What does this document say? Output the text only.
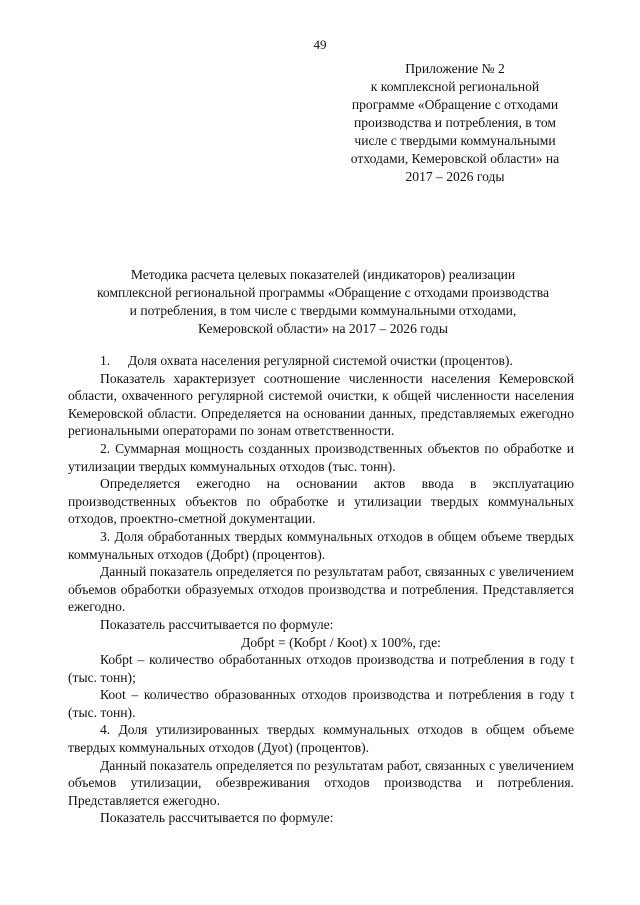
49
Приложение № 2
к комплексной региональной
программе «Обращение с отходами
производства и потребления, в том
числе с твердыми коммунальными
отходами, Кемеровской области» на
2017 – 2026 годы
Методика расчета целевых показателей (индикаторов) реализации
комплексной региональной программы «Обращение с отходами производства
и потребления, в том числе с твердыми коммунальными отходами,
Кемеровской области» на 2017 – 2026 годы

1. Доля охвата населения регулярной системой очистки (процентов).

Показатель характеризует соотношение численности населения Кемеровской области, охваченного регулярной системой очистки, к общей численности населения Кемеровской области. Определяется на основании данных, представляемых ежегодно региональными операторами по зонам ответственности.

2. Суммарная мощность созданных производственных объектов по обработке и утилизации твердых коммунальных отходов (тыс. тонн).

Определяется ежегодно на основании актов ввода в эксплуатацию производственных объектов по обработке и утилизации твердых коммунальных отходов, проектно-сметной документации.

3. Доля обработанных твердых коммунальных отходов в общем объеме твердых коммунальных отходов (Добрt) (процентов).

Данный показатель определяется по результатам работ, связанных с увеличением объемов обработки образуемых отходов производства и потребления. Представляется ежегодно.

Показатель рассчитывается по формуле:

Добрt = (Кобрt / Кооt) х 100%, где:

Кобрt – количество обработанных отходов производства и потребления в году t (тыс. тонн);

Кооt – количество образованных отходов производства и потребления в году t (тыс. тонн).

4. Доля утилизированных твердых коммунальных отходов в общем объеме твердых коммунальных отходов (Дуоt) (процентов).

Данный показатель определяется по результатам работ, связанных с увеличением объемов утилизации, обезвреживания отходов производства и потребления. Представляется ежегодно.

Показатель рассчитывается по формуле:
